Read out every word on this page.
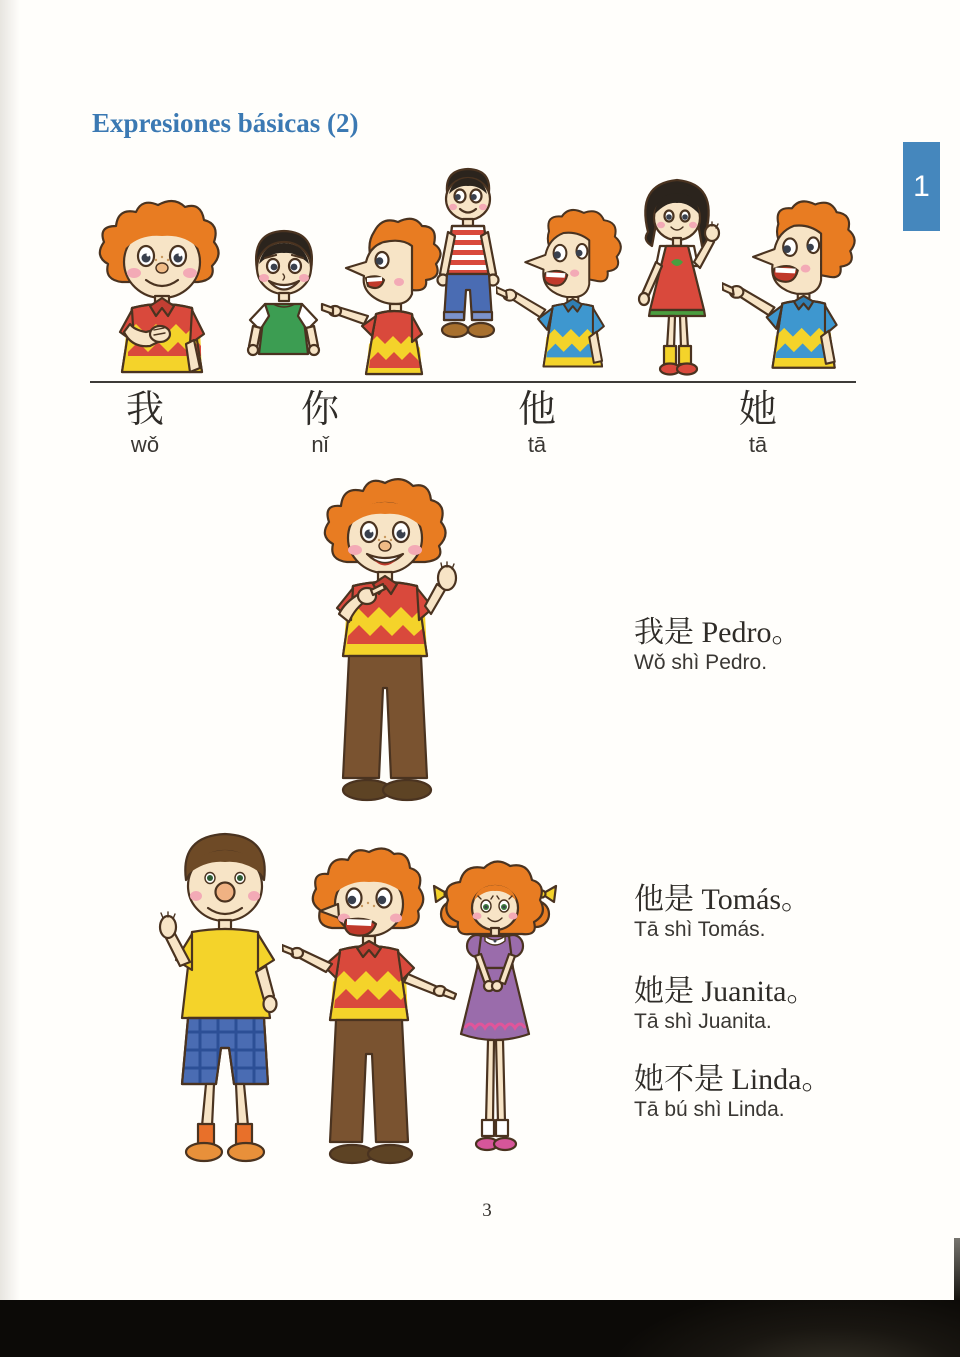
Expresiones básicas (2)
1
我
wǒ
你
nǐ
他
tā
她
tā
我是 Pedro。
Wǒ shì Pedro.
他是 Tomás。
Tā shì Tomás.
她是 Juanita。
Tā shì Juanita.
她不是 Linda。
Tā bú shì Linda.
3
